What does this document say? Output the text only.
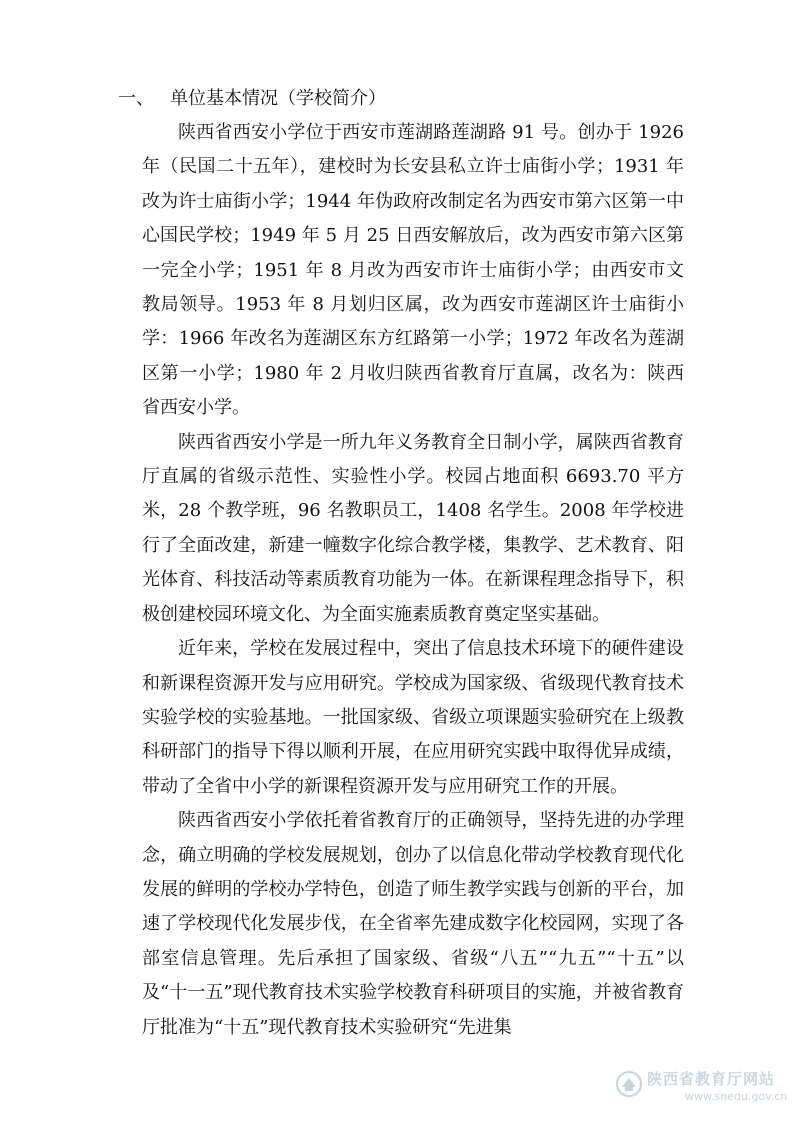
一、 单位基本情况（学校简介）

陕西省西安小学位于西安市莲湖路莲湖路 91 号。创办于 1926 年（民国二十五年），建校时为长安县私立许士庙街小学；1931 年改为许士庙街小学；1944 年伪政府改制定名为西安市第六区第一中心国民学校；1949 年 5 月 25 日西安解放后，改为西安市第六区第一完全小学；1951 年 8 月改为西安市许士庙街小学；由西安市文教局领导。1953 年 8 月划归区属，改为西安市莲湖区许士庙街小学：1966 年改名为莲湖区东方红路第一小学；1972 年改名为莲湖区第一小学；1980 年 2 月收归陕西省教育厅直属，改名为：陕西省西安小学。

陕西省西安小学是一所九年义务教育全日制小学，属陕西省教育厅直属的省级示范性、实验性小学。校园占地面积 6693.70 平方米，28 个教学班，96 名教职员工，1408 名学生。2008 年学校进行了全面改建，新建一幢数字化综合教学楼，集教学、艺术教育、阳光体育、科技活动等素质教育功能为一体。在新课程理念指导下，积极创建校园环境文化、为全面实施素质教育奠定坚实基础。

近年来，学校在发展过程中，突出了信息技术环境下的硬件建设和新课程资源开发与应用研究。学校成为国家级、省级现代教育技术实验学校的实验基地。一批国家级、省级立项课题实验研究在上级教科研部门的指导下得以顺利开展，在应用研究实践中取得优异成绩，带动了全省中小学的新课程资源开发与应用研究工作的开展。

陕西省西安小学依托着省教育厅的正确领导，坚持先进的办学理念，确立明确的学校发展规划，创办了以信息化带动学校教育现代化发展的鲜明的学校办学特色，创造了师生教学实践与创新的平台，加速了学校现代化发展步伐，在全省率先建成数字化校园网，实现了各部室信息管理。先后承担了国家级、省级“八五”“九五”“十五”以及“十一五”现代教育技术实验学校教育科研项目的实施，并被省教育厅批准为“十五”现代教育技术实验研究“先进集

陕西省教育厅网站
www.snedu.gov.cn
